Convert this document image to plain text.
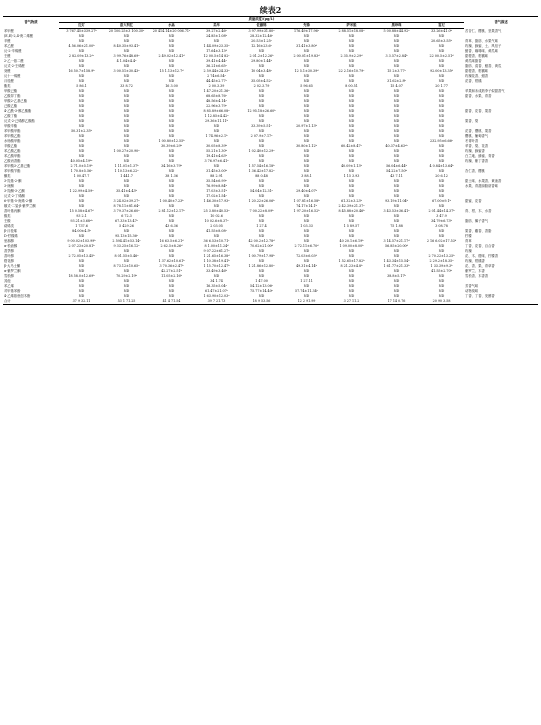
续表2
香气物质	质量浓度/(μg/L)									香气描述
	红灯	意大利红	水晶	美早	佐藤锦	先锋	萨米脱	黑珍珠	雷尼	
苯甲醛	3 767.45±339.27ᵇ	20 100.25±3 100.30ᵃ	20 414.14±20 006.71ᵃ	39.27±2.46ᵃ	3 97.99±31.80ᵃ	176.49±17.96ᵃ	2 88.51±18.08ᵃ	5 00.88±44.92ᵃ	33.26±41.0ᵇ	苦杏仁、樱桃、坚果香气
(E,E)-2,4-庚二烯醛	ND	ND	ND	24.85±1.08ᵇ	28.32±12.46ᵃ	ND	ND	ND	ND	
辛醛	ND	ND	ND	ND	20.53±1.25ᶜ	ND	ND	ND	20.65±3.55ᵇ	青草、脂肪、水果气味
苯乙醛	4 56.06±21.00ᵇ	8 40.35±93.41ᵃ	ND	1 44.09±23.35ᵃ	12.16±23.6ᵃ	31.41±3.80ᵈ	ND	ND	ND	玫瑰、蜂蜜、土、风信子
反-2-辛烯醛	ND	ND	ND	17.64±3.13ᵈ	ND	ND	ND	ND	ND	蜡香、咖啡味、黄瓜味
壬醛	2 82.09±13.2ᵈᵉ	3 99.76±48.69ᵃ	2 49.02±12.41ᵈ	12 00.5±14 82ᶜ	2 01.2±12.26ʰ	2 00.01±19.83ᵈ	2 35.9±2.29ᵈ	3 3.57±2.84ᵇ	22 00.5±2.51ᵈ	甜橙香、柑橘味
2-乙一基二醛	ND	4 1.04±4.4ᵃ	ND	39.41±4.44ᵃ	29.80±1.44ᵇ	ND	ND	ND	ND	黄瓜味脂香
反式-2-壬烯醛	ND	ND	ND	36.21±6.65ᵃ	ND	ND	ND	ND	ND	脂肪、清香、蜡香、黄瓜
癸醛	16 50.7±158.9ᵇ	3 00.51±30.43ᵃ	15 1.13±12.7ᵈ	2 59.44±24.33ᵃ	10 04±3.48ᵃ	12 5.1±30.39ᵈ	22 2.16±10.79ᵉ	15 2±3.77ᵃ	92.00±13.35ᵈ	甜橙香、柑橘味
反十一烯醛	ND	ND	ND	2 74±6.54ᵃ	ND	ND	ND	ND	ND	玫瑰花香、蜡香
月桂醛	ND	ND	ND	44.45±2.77ᵃ	35.05±4.52ᵃ	ND	ND	31.62±2.8ᵇ	ND	花香、柑橘
酯类	5 86.1	33 8.72	16 3.00	2 00.3.39	2 02.3.79	5 96.65	8 00.51	15 4.07	20 1.77	
甲酸己酯	ND	ND	ND	1 47.20±21.36ᵃ	ND	ND	ND	ND	ND	苹果和未成熟李子似甜香气
乙酸异丁酯	ND	ND	ND	68.65±8.76ᵃ	ND	ND	ND	ND	ND	甜香、水果、青香
甲酸2-乙基己酯	ND	ND	ND	48.56±4.14ᵃ	ND	ND	ND	ND	ND	
己酸乙酯	ND	ND	ND	22.96±3.79ᵃ	ND	ND	ND	ND	ND	
4-乙酰-3-醇乙酸酯	ND	ND	ND	8 85.89±66.08ᵃ	12 95.18±26.60ᵇ	ND	ND	ND	ND	甜香、花香、果香
乙酸丁酯	ND	ND	ND	1 12.85±4.42ᵃ	ND	ND	ND	ND	ND	
反式-2-己烯醇乙酸酯	ND	ND	ND	29.36±11.11ᵇ	ND	ND	ND	ND	ND	果香、梨
甲酸辛酯	ND	ND	ND	ND	33.39±5.51ᵃ	20.97±1.13ᵇ	ND	ND	ND	
苯甲酸甲酯	50.31±2.35ᵇ	ND	ND	ND	ND	ND	ND	ND	ND	花香、樱桃、果香
苯甲酸乙酯	ND	ND	ND	1 74.96±2.1ᵇ	2 07.9±7.17ᵃ	ND	ND	ND	ND	樱桃、葡萄香气
水杨酸甲酯	ND	ND	1 00.80±12.55ᵇ	ND	ND	ND	ND	ND	232.95±6.66ᵃ	冬青叶香
辛酸乙酯	ND	ND	30.39±6.29ᵇ	30.05±8.39ᵇ	ND	30.80±1.12ᵇ	60.42±8.47ᵃ	40.37±4.63ᵃᵇ	ND	苹香、梨、花香
苯乙酸乙酯	ND	1 00.27±20.90ᵃ	ND	55.21±1.30ᵇ	1 02.40±12.29ᵃ	ND	ND	ND	ND	玫瑰、蜂蜜香
苯乙酸甲酯	ND	ND	ND	19.41±4.63ᵇ	ND	ND	ND	ND	ND	白兰地、蜂蜜、青香
乙酸丙香酯	40.05±4.19ᵇᶜ	ND	ND	3 76.97±6.41ᵃ	ND	ND	ND	ND	ND	玫瑰、紫丁香香
苯甲酸3-乙基己酯	2 71.0±5.19ᵇ	1 11.01±1.37ᵇ	34.16±3.79ᵇ	ND	1 57.54±16.18ᵇ	ND	40.09±1.13ᵇ	56.04±6.44ᵇ	4 0.84±13.64ᵇ	
苯甲酸苄酯	1 70.8±5.56ᵃ	1 10.13±6.22ᵃ	ND	31.45±3.00ᵇ	1 36.42±17.82ᵃ	ND	ND	54.22±7.50ᵇ	ND	杏仁香、樱桃
酮类	1 00.47.7	1 441.7	38 1.36	88 2.91	88 0.48	3 88.1	1 15 3.93	43 7.11	20 6.12	
3-羟基-2-酮	ND	ND	ND	35.54±6.99ᵃ	ND	ND	ND	ND	ND	甜土味、水果香、黄油香
3-庚酮	ND	ND	ND	76.99±8.84ᵇ	ND	ND	ND	ND	ND	水果、青甜绿脂肪香味
3-羟酮-3-乙酮	1 22.99±4.59ᵃ	35.41±4.43ᵇ	ND	17.03±3.51ᵇ	54.04±12.31ᵃ	29.40±4.07ᵇ	ND	ND	ND	
反式-2-丁烯酮	ND	ND	ND	17.02±1.54ᵃ	ND	ND	ND	ND	ND	
6-甲基-5-庚烯-2-酮	ND	3 24.02±39.27ᵃ	1 00.40±7.23ᵇ	1 46.30±17.93ᵃ	1 20.22±26.06ᵇ	1 07.81±16.58ᵇ	61.32±3.23ᵇ	93.19±11.04ᵇ	67.00±9.1ᵇ	甜蜜、花香
顺式-二氢-β-紫罗兰酮	ND	8 78.11±81.64ᵃ	ND	ND	ND	74.17±14.1ᵇ	2 42.39±21.37ᵃ	ND	ND	
香叶基丙酮	15 0.58±4.67ᵈ	3 79.37±26.60ᵃ	2 81.12±12.17ᵇ	25 3.80±40.53ᵃ	7 00.22±8.09ᵇ	1 97.20±16.52ᵇ	8 45.88±20.46ᵇ	3 43.53±36.41ᵃ	2 01.44±14.37ᵇ	青、柑、木、水香
酸类	93 2.1	6 72.3	ND	10 02.6	ND	ND	ND	ND	3 47.9	
壬酸	93.21±3.68ᵃᵇ	67.33±13.47ᵃ	ND	10 02.6±8.37ᵃ	ND	ND	ND	ND	34.79±6.73ᵇ	脂肪、椰子香气
萜烯类	1 737.6	5 429.26	43 6.36	2 03.05	1 27.4	1 03.33	1 5 89.57	75 1.88	3 08.78	
β-月桂烯	84.00±4.5ᵇ	ND	ND	41.55±8.08ᵃ	ND	ND	ND	ND	ND	果香、麝香、香脂
D-柠檬烯	ND	95.13±15.36ᵃ	ND	ND	ND	ND	ND	ND	ND	柠檬
里那醇	9 00.02±103.99ᵇ	2 594.41±53.14ᵃ	16 63.5±6.21ᵈ	36 6.53±10.71ᵉ	42 00.2±12.78ᵈ	ND	40 20.1±6.19ᵇ	3 14.57±21.17ᵈ	2 16 6.02±17.53ᵈ	青草
α-松油醇	2 07.23±20.81ᵇ	9 33.25±16.12ᵃ	2 62.5±8.26ᵈ	8 1.00±11.24ᵈ	70.62±21.00ᵈ	2 72.11±6.70ᵈ	1 09.00±8.00ᵇ	56.85±20.00ᵈ	ND	丁香、花香、百合香
香茅醇	ND	ND	ND	9 07.22±61.27ᵃ	ND	ND	ND	ND	ND	玫瑰
香叶醇	2 72.05±13.45ᵇ	8 01.55±5.46ᵃ	ND	1 21.65±16.38ᵈ	1 00.79±17.98ᵇ	72.03±6.03ᵈ	ND	ND	2 70.22±13.25ᵇ	花、木、橙味、柠檬香
橙花醇	ND	ND	1 37.62±10.61ᵇ	1 10.38±19.41ᵇ	ND	ND	1 52.65±17.82ᵇ	1 43.34±15.54ᵃ	2 29.2±18.35ᵃ	玫瑰、柑橘香
β-大马士酮	ND	8 73.12±10.65ᵃ	3 70.36±2.47ᵇ	1 15.70±12.47ᵇ	1 21.86±12.80ᵃ	49.31±4.14ᵇ	8 21.23±4.8ᵇ	1 61.77±21.33ᵇ	1 33.39±9.3ᵇ	花、香、果、青草香
α-紫罗兰酮	ND	ND	42.27±2.51ᵇ	33.49±3.46ᵇ	ND	ND	ND	ND	41.55±2.70ᵇ	紫罗兰、木香
雪松醇	18 58.0±12.69ᵇ	70.29±2.19ᵇ	11.05±2.16ᵇ	ND	ND	ND	ND	38.8±5.17ᵇ	ND	雪松香、木香香
其他	ND	ND	ND	34 1.74	1 47.00	1 27.11	ND	ND	ND	
苯乙烯	ND	ND	ND	16.35±5.04ᵃ	54.12±13.06ᵃ	ND	ND	ND	ND	芳香气味
对甲基苯酚	ND	ND	ND	61.47±21.07ᵃ	75.77±14.40ᵃ	57.74±11.34ᵃ	ND	ND	ND	动物臭味
4-乙烯基愈创木酚	ND	ND	ND	1 63.90±12.03ᵃ	ND	ND	ND	ND	ND	丁香、丁香、发酵香
合计	37 9 32.11	53 1 71.25	41 4 71.54	39 7 21.73	18 9 53.56	12 2 91.99	3 27 11.2	17 14 0.76	20 90 3.58	
